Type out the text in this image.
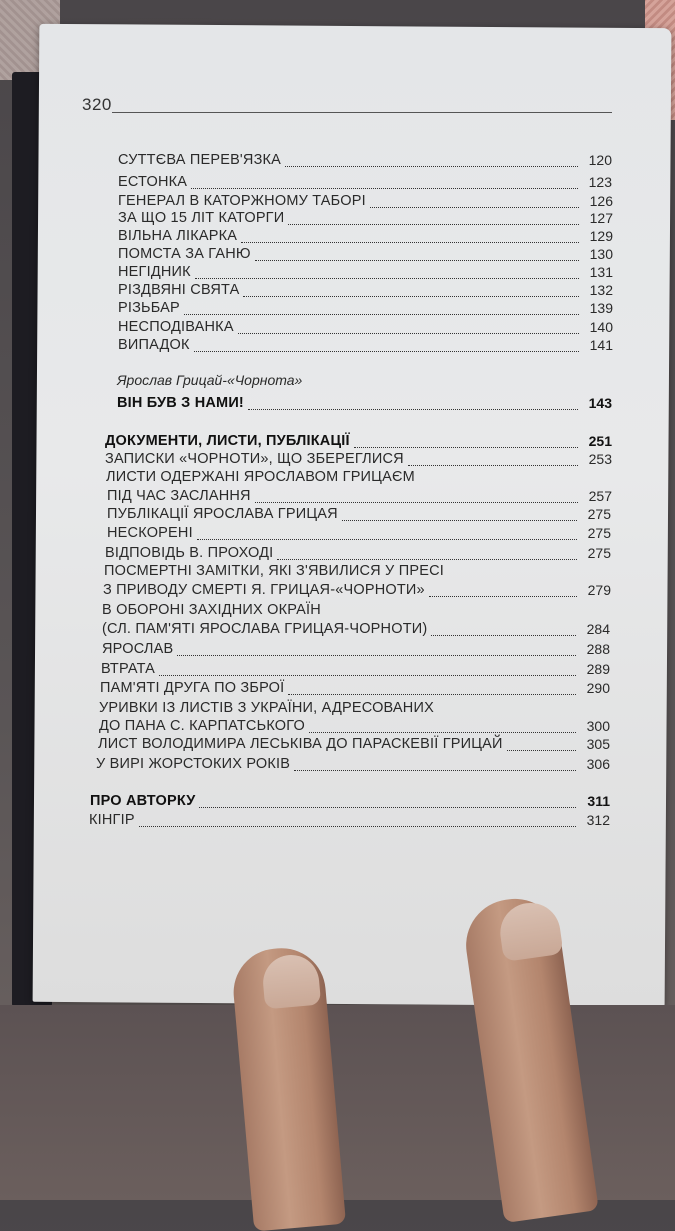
320
Ярослав Грицай-«Чорнота»
СУТТЄВА ПЕРЕВ'ЯЗКА	120
ЕСТОНКА	123
ГЕНЕРАЛ В КАТОРЖНОМУ ТАБОРІ	126
ЗА ЩО 15 ЛІТ КАТОРГИ	127
ВІЛЬНА ЛІКАРКА	129
ПОМСТА ЗА ГАНЮ	130
НЕГІДНИК	131
РІЗДВЯНІ СВЯТА	132
РІЗЬБАР	139
НЕСПОДІВАНКА	140
ВИПАДОК	141
ВІН БУВ З НАМИ!	143
ДОКУМЕНТИ, ЛИСТИ, ПУБЛІКАЦІЇ	251
ЗАПИСКИ «ЧОРНОТИ», ЩО ЗБЕРЕГЛИСЯ	253
ЛИСТИ ОДЕРЖАНІ ЯРОСЛАВОМ ГРИЦАЄМ
ПІД ЧАС ЗАСЛАННЯ	257
ПУБЛІКАЦІЇ ЯРОСЛАВА ГРИЦАЯ	275
НЕСКОРЕНІ	275
ВІДПОВІДЬ В. ПРОХОДІ	275
ПОСМЕРТНІ ЗАМІТКИ, ЯКІ З'ЯВИЛИСЯ У ПРЕСІ
З ПРИВОДУ СМЕРТІ Я. ГРИЦАЯ-«ЧОРНОТИ»	279
В ОБОРОНІ ЗАХІДНИХ ОКРАЇН
(СЛ. ПАМ'ЯТІ ЯРОСЛАВА ГРИЦАЯ-ЧОРНОТИ)	284
ЯРОСЛАВ	288
ВТРАТА	289
ПАМ'ЯТІ ДРУГА ПО ЗБРОЇ	290
УРИВКИ ІЗ ЛИСТІВ З УКРАЇНИ, АДРЕСОВАНИХ
ДО ПАНА С. КАРПАТСЬКОГО	300
ЛИСТ ВОЛОДИМИРА ЛЕСЬКІВА ДО ПАРАСКЕВІЇ ГРИЦАЙ	305
У ВИРІ ЖОРСТОКИХ РОКІВ	306
ПРО АВТОРКУ	311
КІНГІР	312
